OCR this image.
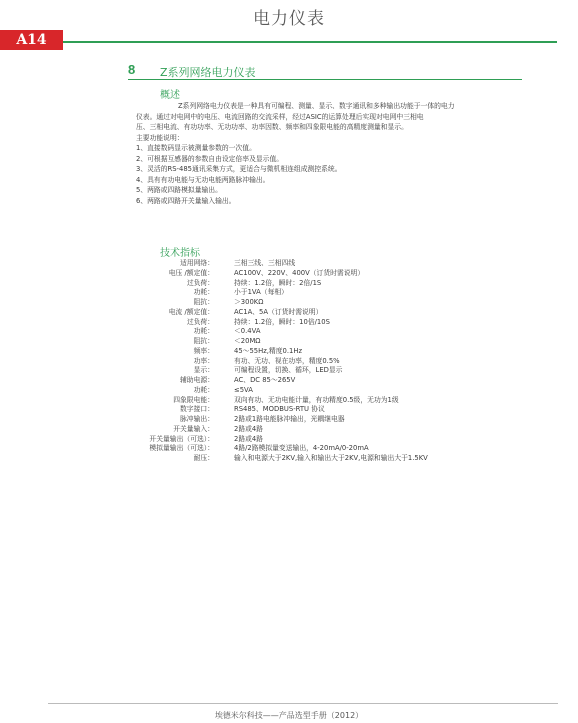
电力仪表
A14
8 Z系列网络电力仪表
概述

Z系列网络电力仪表是一种具有可编程、测量、显示、数字通讯和多种输出功能于一体的电力

仪表。通过对电网中的电压、电流回路的交流采样，经过ASIC的运算处理后实现对电网中三相电

压、三相电流、有功功率、无功功率、功率因数、频率和四象限电能的高精度测量和显示。

主要功能说明：

1、直接数码显示被测量参数的一次值。

2、可根据互感器的参数自由设定倍率及显示值。

3、灵活的RS-485通讯采集方式，更适合与微机相连组成测控系统。

4、具有有功电能与无功电能两路脉冲输出。

5、两路或四路模拟量输出。

6、两路或四路开关量输入输出。

技术指标
适用网络：	三相三线、三相四线
电压 /额定值：	AC100V、220V、400V（订货时需说明）
过负荷：	持续：1.2倍，瞬时：2倍/1S
功耗：	小于1VA（每相）
阻抗：	＞300KΩ
电流 /额定值：	AC1A、5A（订货时需说明）
过负荷：	持续：1.2倍，瞬时：10倍/10S
功耗：	＜0.4VA
阻抗：	＜20MΩ
频率：	45～55Hz,精度0.1Hz
功率：	有功、无功、视在功率，精度0.5%
显示：	可编程设置，切换、循环，LED显示
辅助电源：	AC、DC 85～265V
功耗：	≤5VA
四象限电能：	双向有功、无功电能计量，有功精度0.5级，无功为1级
数字接口：	RS485、MODBUS-RTU 协议
脉冲输出：	2路或1路电能脉冲输出，光耦继电器
开关量输入：	2路或4路
开关量输出（可选）：	2路或4路
模拟量输出（可选）：	4路/2路模拟量变送输出，4-20mA/0-20mA
耐压：	输入和电源大于2KV,输入和输出大于2KV,电源和输出大于1.5KV
埃德米尔科技——产品选型手册（2012）
